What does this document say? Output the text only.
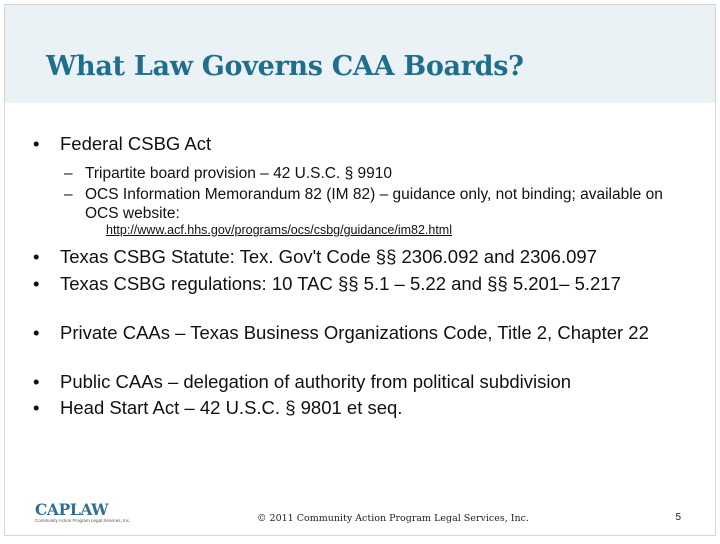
What Law Governs CAA Boards?
• Federal CSBG Act
– Tripartite board provision – 42 U.S.C. § 9910
– OCS Information Memorandum 82 (IM 82) – guidance only, not binding; available on OCS website:
http://www.acf.hhs.gov/programs/ocs/csbg/guidance/im82.html
• Texas CSBG Statute: Tex. Gov't Code §§ 2306.092 and 2306.097
• Texas CSBG regulations: 10 TAC §§ 5.1 – 5.22 and §§ 5.201– 5.217
• Private CAAs – Texas Business Organizations Code, Title 2, Chapter 22
• Public CAAs – delegation of authority from political subdivision
• Head Start Act – 42 U.S.C. § 9801 et seq.
CAPLAW
Community Action Program Legal Services, Inc.	© 2011 Community Action Program Legal Services, Inc.	5
